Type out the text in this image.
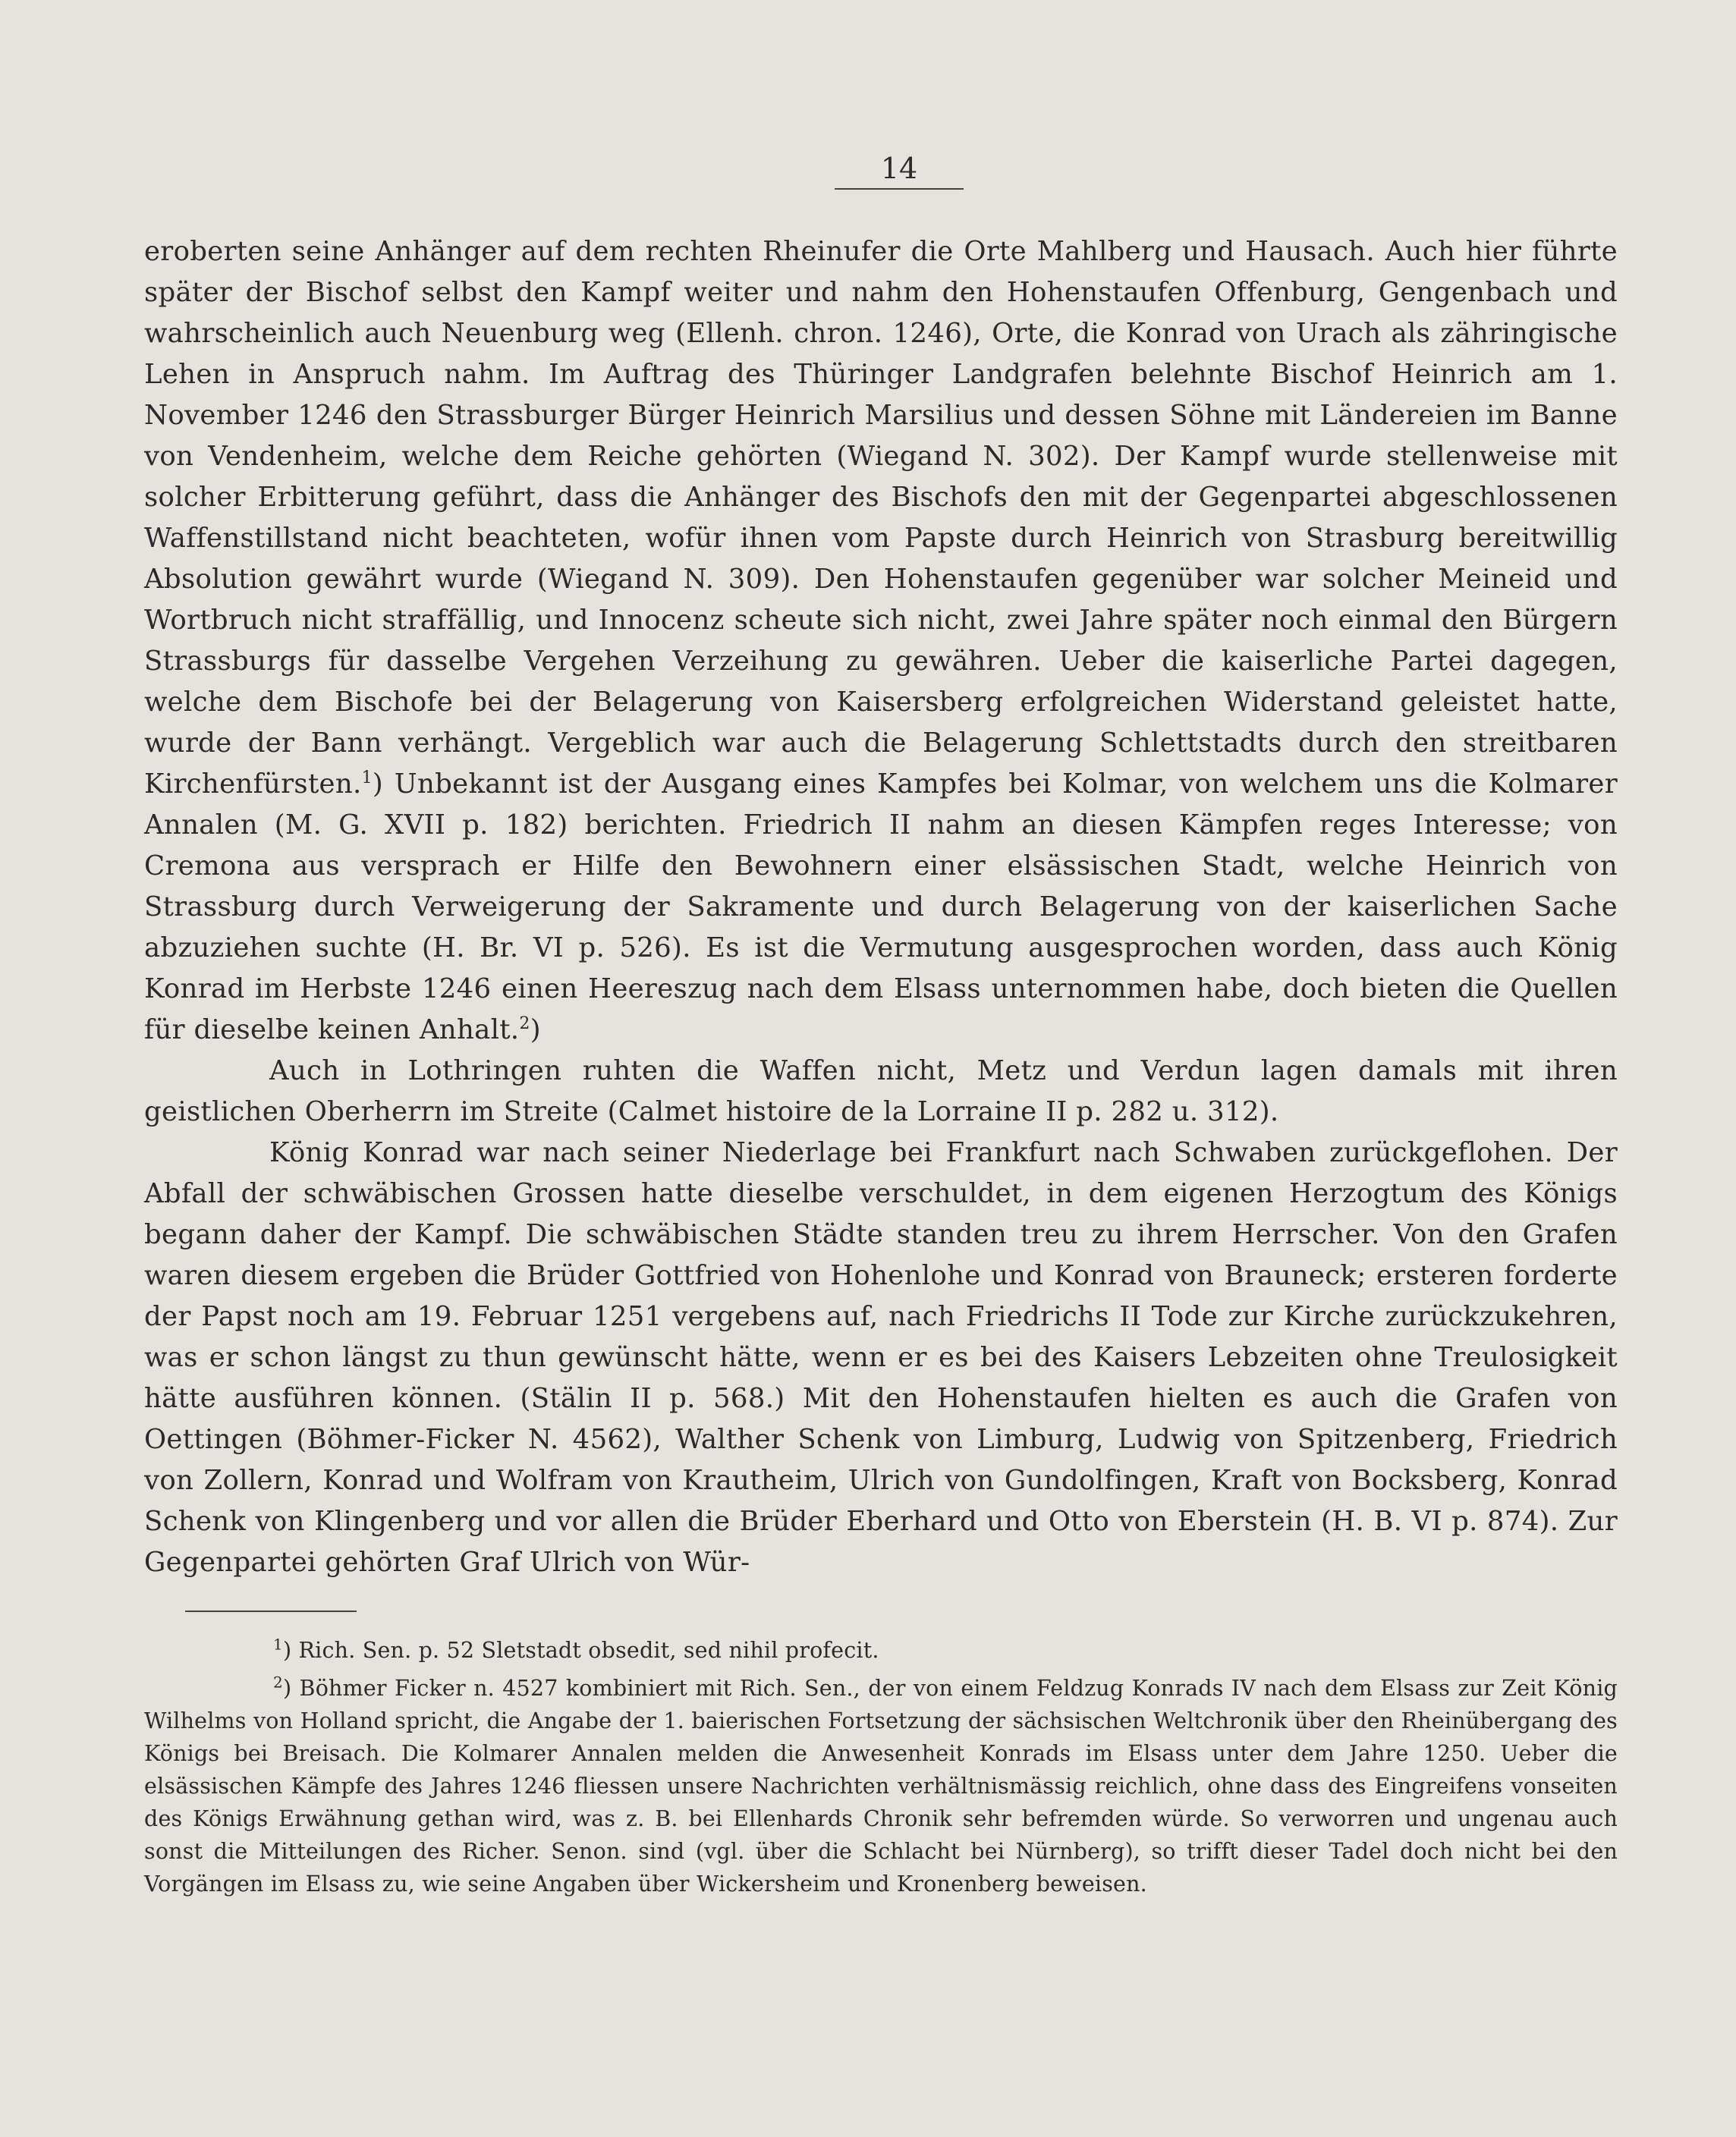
14

eroberten seine Anhänger auf dem rechten Rheinufer die Orte Mahlberg und Hausach. Auch hier führte später der Bischof selbst den Kampf weiter und nahm den Hohenstaufen Offenburg, Gengenbach und wahrscheinlich auch Neuenburg weg (Ellenh. chron. 1246), Orte, die Konrad von Urach als zähringische Lehen in Anspruch nahm. Im Auftrag des Thüringer Landgrafen belehnte Bischof Heinrich am 1. November 1246 den Strassburger Bürger Heinrich Marsilius und dessen Söhne mit Ländereien im Banne von Vendenheim, welche dem Reiche gehörten (Wiegand N. 302). Der Kampf wurde stellenweise mit solcher Erbitterung geführt, dass die Anhänger des Bischofs den mit der Gegenpartei abgeschlossenen Waffenstillstand nicht beachteten, wofür ihnen vom Papste durch Heinrich von Strasburg bereitwillig Absolution gewährt wurde (Wiegand N. 309). Den Hohenstaufen gegenüber war solcher Meineid und Wortbruch nicht straffällig, und Innocenz scheute sich nicht, zwei Jahre später noch einmal den Bürgern Strassburgs für dasselbe Vergehen Verzeihung zu gewähren. Ueber die kaiserliche Partei dagegen, welche dem Bischofe bei der Belagerung von Kaisersberg erfolgreichen Widerstand geleistet hatte, wurde der Bann verhängt. Vergeblich war auch die Belagerung Schlettstadts durch den streitbaren Kirchenfürsten.$^1$) Unbekannt ist der Ausgang eines Kampfes bei Kolmar, von welchem uns die Kolmarer Annalen (M. G. XVII p. 182) berichten. Friedrich II nahm an diesen Kämpfen reges Interesse; von Cremona aus versprach er Hilfe den Bewohnern einer elsässischen Stadt, welche Heinrich von Strassburg durch Verweigerung der Sakramente und durch Belagerung von der kaiserlichen Sache abzuziehen suchte (H. Br. VI p. 526). Es ist die Vermutung ausgesprochen worden, dass auch König Konrad im Herbste 1246 einen Heereszug nach dem Elsass unternommen habe, doch bieten die Quellen für dieselbe keinen Anhalt.$^2$)

Auch in Lothringen ruhten die Waffen nicht, Metz und Verdun lagen damals mit ihren geistlichen Oberherrn im Streite (Calmet histoire de la Lorraine II p. 282 u. 312).

König Konrad war nach seiner Niederlage bei Frankfurt nach Schwaben zurückgeflohen. Der Abfall der schwäbischen Grossen hatte dieselbe verschuldet, in dem eigenen Herzogtum des Königs begann daher der Kampf. Die schwäbischen Städte standen treu zu ihrem Herrscher. Von den Grafen waren diesem ergeben die Brüder Gottfried von Hohenlohe und Konrad von Brauneck; ersteren forderte der Papst noch am 19. Februar 1251 vergebens auf, nach Friedrichs II Tode zur Kirche zurückzukehren, was er schon längst zu thun gewünscht hätte, wenn er es bei des Kaisers Lebzeiten ohne Treulosigkeit hätte ausführen können. (Stälin II p. 568.) Mit den Hohenstaufen hielten es auch die Grafen von Oettingen (Böhmer-Ficker N. 4562), Walther Schenk von Limburg, Ludwig von Spitzenberg, Friedrich von Zollern, Konrad und Wolfram von Krautheim, Ulrich von Gundolfingen, Kraft von Bocksberg, Konrad Schenk von Klingenberg und vor allen die Brüder Eberhard und Otto von Eberstein (H. B. VI p. 874). Zur Gegenpartei gehörten Graf Ulrich von Wür-

$^1$) Rich. Sen. p. 52 Sletstadt obsedit, sed nihil profecit.

$^2$) Böhmer Ficker n. 4527 kombiniert mit Rich. Sen., der von einem Feldzug Konrads IV nach dem Elsass zur Zeit König Wilhelms von Holland spricht, die Angabe der 1. baierischen Fortsetzung der sächsischen Weltchronik über den Rheinübergang des Königs bei Breisach. Die Kolmarer Annalen melden die Anwesenheit Konrads im Elsass unter dem Jahre 1250. Ueber die elsässischen Kämpfe des Jahres 1246 fliessen unsere Nachrichten verhältnismässig reichlich, ohne dass des Eingreifens vonseiten des Königs Erwähnung gethan wird, was z. B. bei Ellenhards Chronik sehr befremden würde. So verworren und ungenau auch sonst die Mitteilungen des Richer. Senon. sind (vgl. über die Schlacht bei Nürnberg), so trifft dieser Tadel doch nicht bei den Vorgängen im Elsass zu, wie seine Angaben über Wickersheim und Kronenberg beweisen.
